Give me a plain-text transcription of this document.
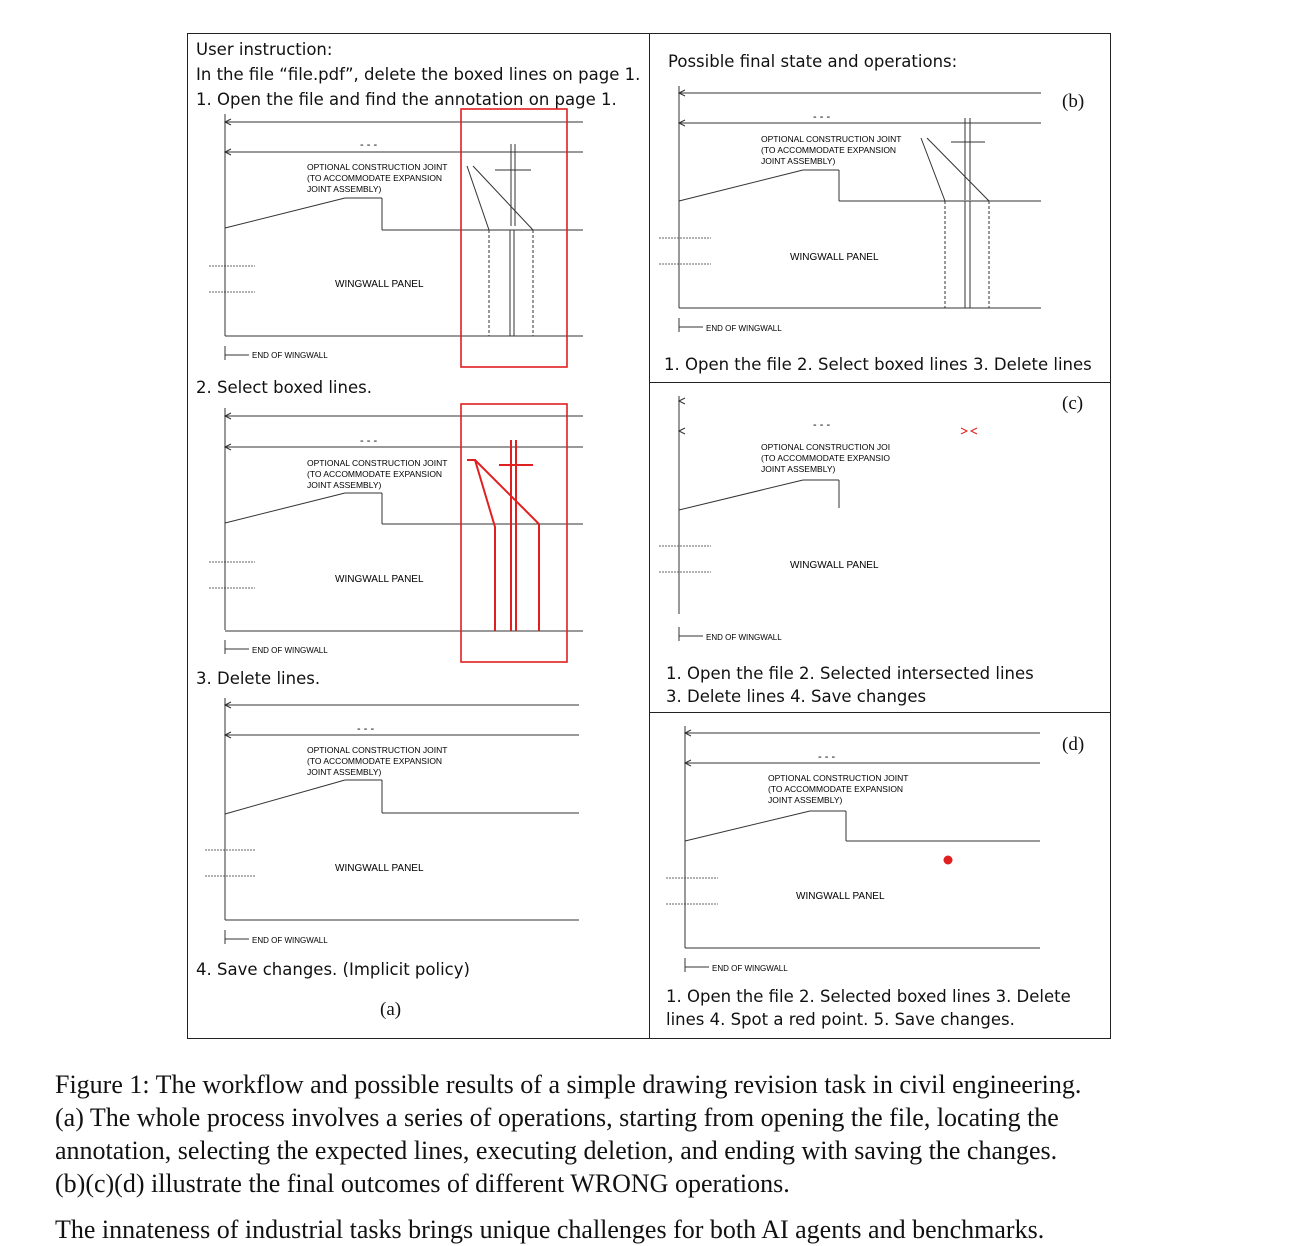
User instruction:
In the file “file.pdf”, delete the boxed lines on page 1.
1. Open the file and find the annotation on page 1.
2. Select boxed lines.
3. Delete lines.
4. Save changes. (Implicit policy)
(a)
Possible final state and operations:
(b)
1. Open the file 2. Select boxed lines 3. Delete lines
(c)
1. Open the file 2. Selected intersected lines
3. Delete lines 4. Save changes
(d)
1. Open the file 2. Selected boxed lines 3. Delete
lines 4. Spot a red point. 5. Save changes.
- - -
OPTIONAL CONSTRUCTION JOINT
(TO ACCOMMODATE EXPANSION
JOINT ASSEMBLY)
WINGWALL PANEL
END OF WINGWALL
- - -
OPTIONAL CONSTRUCTION JOINT
(TO ACCOMMODATE EXPANSION
JOINT ASSEMBLY)
WINGWALL PANEL
END OF WINGWALL
- - -
OPTIONAL CONSTRUCTION JOINT
(TO ACCOMMODATE EXPANSION
JOINT ASSEMBLY)
WINGWALL PANEL
END OF WINGWALL
- - -
OPTIONAL CONSTRUCTION JOINT
(TO ACCOMMODATE EXPANSION
JOINT ASSEMBLY)
WINGWALL PANEL
END OF WINGWALL
- - -
OPTIONAL CONSTRUCTION JOI
(TO ACCOMMODATE EXPANSIO
JOINT ASSEMBLY)
WINGWALL PANEL
END OF WINGWALL
- - -
OPTIONAL CONSTRUCTION JOINT
(TO ACCOMMODATE EXPANSION
JOINT ASSEMBLY)
WINGWALL PANEL
END OF WINGWALL
Figure 1: The workflow and possible results of a simple drawing revision task in civil engineering.
(a) The whole process involves a series of operations, starting from opening the file, locating the
annotation, selecting the expected lines, executing deletion, and ending with saving the changes.
(b)(c)(d) illustrate the final outcomes of different WRONG operations.
The innateness of industrial tasks brings unique challenges for both AI agents and benchmarks.
